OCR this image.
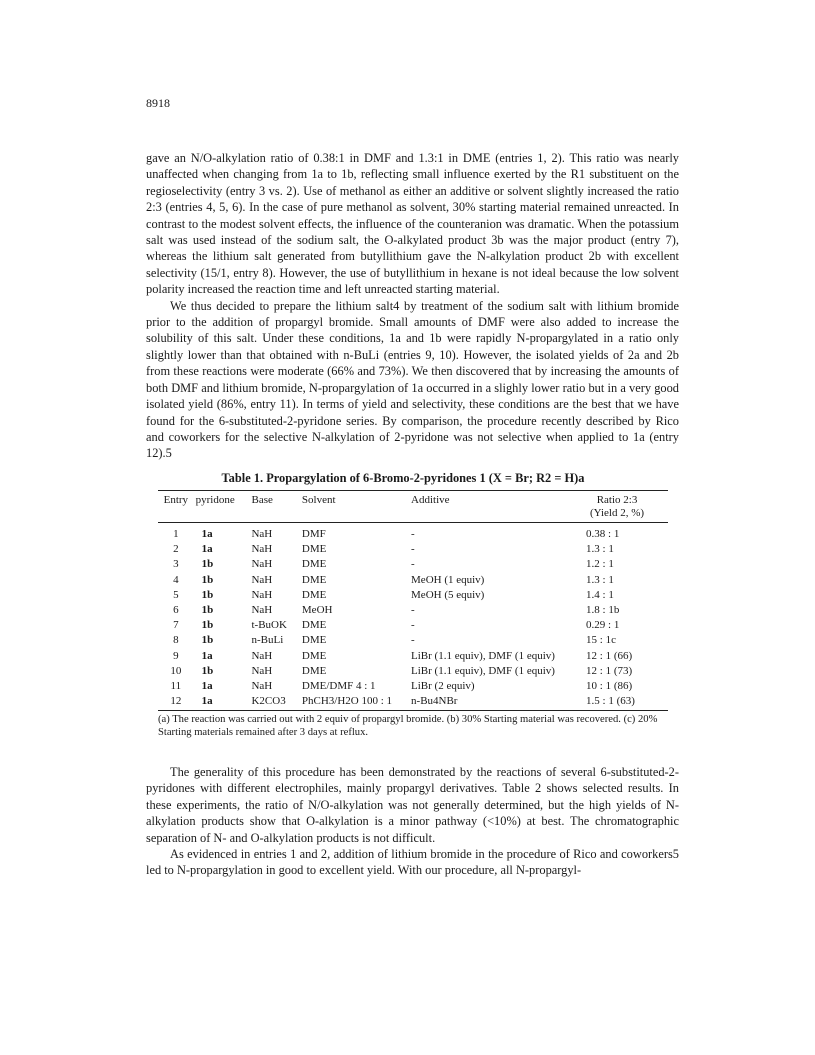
8918

gave an N/O-alkylation ratio of 0.38:1 in DMF and 1.3:1 in DME (entries 1, 2). This ratio was nearly unaffected when changing from 1a to 1b, reflecting small influence exerted by the R1 substituent on the regioselectivity (entry 3 vs. 2). Use of methanol as either an additive or solvent slightly increased the ratio 2:3 (entries 4, 5, 6). In the case of pure methanol as solvent, 30% starting material remained unreacted. In contrast to the modest solvent effects, the influence of the counteranion was dramatic. When the potassium salt was used instead of the sodium salt, the O-alkylated product 3b was the major product (entry 7), whereas the lithium salt generated from butyllithium gave the N-alkylation product 2b with excellent selectivity (15/1, entry 8). However, the use of butyllithium in hexane is not ideal because the low solvent polarity increased the reaction time and left unreacted starting material.

We thus decided to prepare the lithium salt4 by treatment of the sodium salt with lithium bromide prior to the addition of propargyl bromide. Small amounts of DMF were also added to increase the solubility of this salt. Under these conditions, 1a and 1b were rapidly N-propargylated in a ratio only slightly lower than that obtained with n-BuLi (entries 9, 10). However, the isolated yields of 2a and 2b from these reactions were moderate (66% and 73%). We then discovered that by increasing the amounts of both DMF and lithium bromide, N-propargylation of 1a occurred in a slighly lower ratio but in a very good isolated yield (86%, entry 11). In terms of yield and selectivity, these conditions are the best that we have found for the 6-substituted-2-pyridone series. By comparison, the procedure recently described by Rico and coworkers for the selective N-alkylation of 2-pyridone was not selective when applied to 1a (entry 12).5

Table 1. Propargylation of 6-Bromo-2-pyridones 1 (X = Br; R2 = H)a
Entry	pyridone	Base	Solvent	Additive	Ratio 2:3
					(Yield 2, %)
1	1a	NaH	DMF	-	0.38 : 1
2	1a	NaH	DME	-	1.3 : 1
3	1b	NaH	DME	-	1.2 : 1
4	1b	NaH	DME	MeOH (1 equiv)	1.3 : 1
5	1b	NaH	DME	MeOH (5 equiv)	1.4 : 1
6	1b	NaH	MeOH	-	1.8 : 1b
7	1b	t-BuOK	DME	-	0.29 : 1
8	1b	n-BuLi	DME	-	15 : 1c
9	1a	NaH	DME	LiBr (1.1 equiv), DMF (1 equiv)	12 : 1 (66)
10	1b	NaH	DME	LiBr (1.1 equiv), DMF (1 equiv)	12 : 1 (73)
11	1a	NaH	DME/DMF 4 : 1	LiBr (2 equiv)	10 : 1 (86)
12	1a	K2CO3	PhCH3/H2O 100 : 1	n-Bu4NBr	1.5 : 1 (63)
(a) The reaction was carried out with 2 equiv of propargyl bromide. (b) 30% Starting material was recovered. (c) 20% Starting materials remained after 3 days at reflux.

The generality of this procedure has been demonstrated by the reactions of several 6-substituted-2-pyridones with different electrophiles, mainly propargyl derivatives. Table 2 shows selected results. In these experiments, the ratio of N/O-alkylation was not generally determined, but the high yields of N-alkylation products show that O-alkylation is a minor pathway (<10%) at best. The chromatographic separation of N- and O-alkylation products is not difficult.

As evidenced in entries 1 and 2, addition of lithium bromide in the procedure of Rico and coworkers5 led to N-propargylation in good to excellent yield. With our procedure, all N-propargyl-
